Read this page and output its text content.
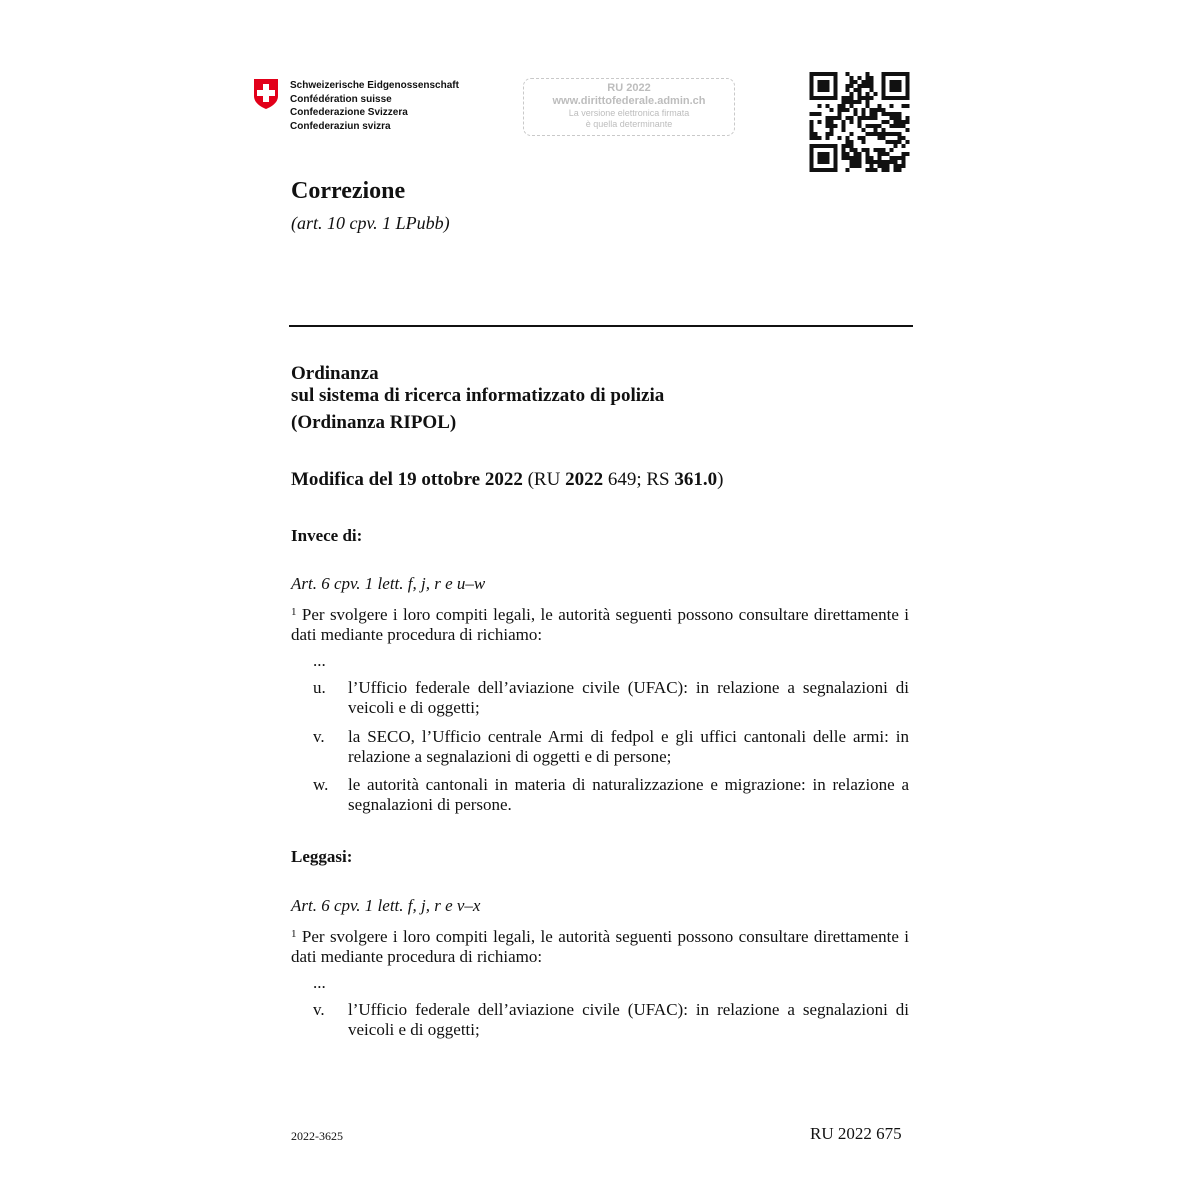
Schweizerische Eidgenossenschaft
Confédération suisse
Confederazione Svizzera
Confederaziun svizra
RU 2022
www.dirittofederale.admin.ch
La versione elettronica firmata
è quella determinante
Correzione
(art. 10 cpv. 1 LPubb)
Ordinanza
sul sistema di ricerca informatizzato di polizia
(Ordinanza RIPOL)
Modifica del 19 ottobre 2022 (RU 2022 649; RS 361.0)
Invece di:
Art. 6 cpv. 1 lett. f, j, r e u–w
$^1$ Per svolgere i loro compiti legali, le autorità seguenti possono consultare direttamente i dati mediante procedura di richiamo:
...
u.	l’Ufficio federale dell’aviazione civile (UFAC): in relazione a segnalazioni di veicoli e di oggetti;
v.	la SECO, l’Ufficio centrale Armi di fedpol e gli uffici cantonali delle armi: in relazione a segnalazioni di oggetti e di persone;
w.	le autorità cantonali in materia di naturalizzazione e migrazione: in relazione a segnalazioni di persone.
Leggasi:
Art. 6 cpv. 1 lett. f, j, r e v–x
$^1$ Per svolgere i loro compiti legali, le autorità seguenti possono consultare direttamente i dati mediante procedura di richiamo:
...
v.	l’Ufficio federale dell’aviazione civile (UFAC): in relazione a segnalazioni di veicoli e di oggetti;
2022-3625	RU 2022 675
